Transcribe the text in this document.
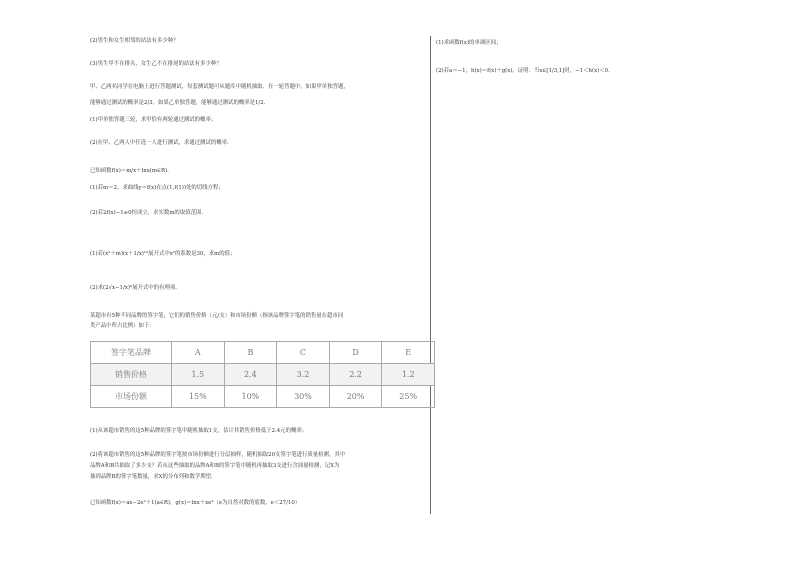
(2)男生和女生相邻的站法有多少种？
(3)男生甲不在排头，女生乙不在排尾的站法有多少种？
甲、乙两名同学在电脑上进行答题测试，每套测试题可从题库中随机抽取．在一轮答题中，如果甲单独答题，
能够通过测试的概率是2/3，如果乙单独答题，能够通过测试的概率是1/2．
(1)甲单独答题三轮，求甲恰有两轮通过测试的概率；
(2)在甲、乙两人中任选一人进行测试，求通过测试的概率．
已知函数f(x)＝m/x＋lnx(m∈R)．
(1)若m＝2，求曲线y＝f(x)在点(1,f(1))处的切线方程；
(2)若2f(x)−1≥0恒成立，求实数m的取值范围．
(1)若(x²＋m)(x＋1/x)¹⁰展开式中x²的系数是30，求m的值；
(2)求(2√x−1/x)⁶展开式中的有理项．
某超市有5种不同品牌的签字笔，它们的销售价格（元/支）和市场份额（指该品牌签字笔的销售量在超市同
类产品中所占比例）如下：
签字笔品牌	A	B	C	D	E
销售价格	1.5	2.4	3.2	2.2	1.2
市场份额	15%	10%	30%	20%	25%
(1)从该超市销售的这5种品牌的签字笔中随机抽取1支，估计其销售价格低于2.4元的概率；
(2)将该超市销售的这5种品牌的签字笔按市场份额进行分层抽样，随机抽取20支签字笔进行质量检测，其中
品牌A和B共抽取了多少支？若从这些抽取的品牌A和B的签字笔中随机再抽取3支进行含油量检测，记X为
抽到品牌B的签字笔数量，求X的分布列和数学期望．
已知函数f(x)＝ax−2e²＋1(a∈R)，g(x)＝lnx＋xe²（e为自然对数的底数，e＜27/10）
(1)求函数f(x)的单调区间；
(2)若a＝−1，h(x)＝f(x)＋g(x)，证明：当x∈[1/3,1]时，−1＜h(x)＜0．
